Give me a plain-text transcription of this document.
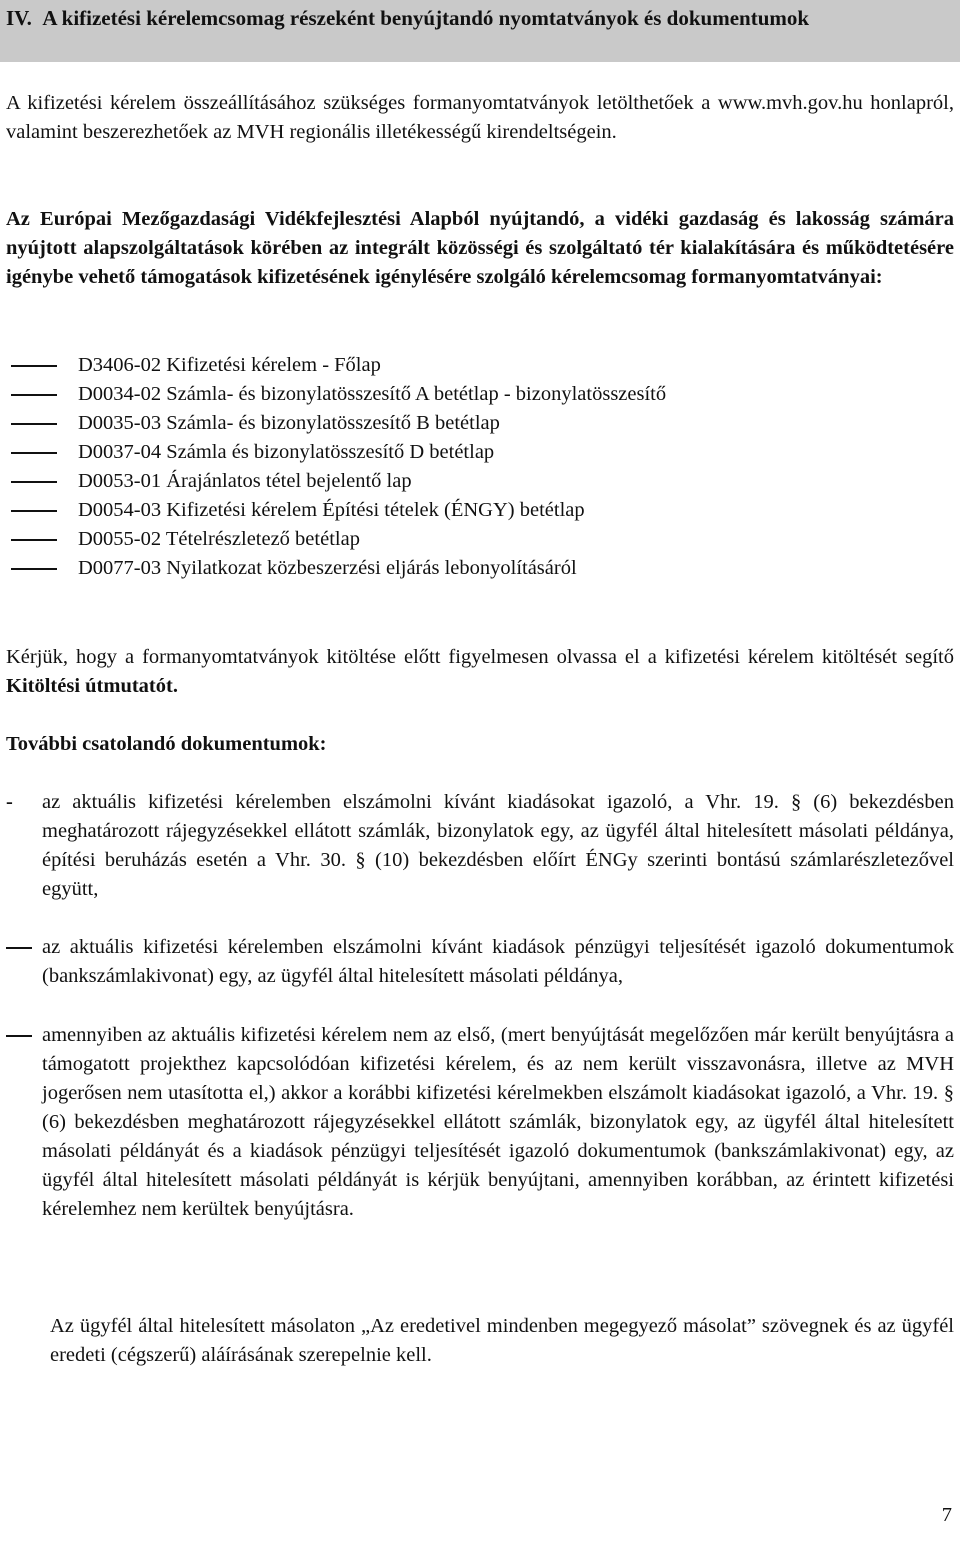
IV.  A kifizetési kérelemcsomag részeként benyújtandó nyomtatványok és dokumentumok

A kifizetési kérelem összeállításához szükséges formanyomtatványok letölthetőek a www.mvh.gov.hu honlapról, valamint beszerezhetőek az MVH regionális illetékességű kirendeltségein.

Az Európai Mezőgazdasági Vidékfejlesztési Alapból nyújtandó, a vidéki gazdaság és lakosság számára nyújtott alapszolgáltatások körében az integrált közösségi és szolgáltató tér kialakítására és működtetésére igénybe vehető támogatások kifizetésének igénylésére szolgáló kérelemcsomag formanyomtatványai:

D3406-02 Kifizetési kérelem - Főlap
D0034-02 Számla- és bizonylatösszesítő A betétlap - bizonylatösszesítő
D0035-03 Számla- és bizonylatösszesítő B betétlap
D0037-04 Számla és bizonylatösszesítő D betétlap
D0053-01 Árajánlatos tétel bejelentő lap
D0054-03 Kifizetési kérelem Építési tételek (ÉNGY) betétlap
D0055-02 Tételrészletező betétlap
D0077-03 Nyilatkozat közbeszerzési eljárás lebonyolításáról

Kérjük, hogy a formanyomtatványok kitöltése előtt figyelmesen olvassa el a kifizetési kérelem kitöltését segítő Kitöltési útmutatót.

További csatolandó dokumentumok:

- az aktuális kifizetési kérelemben elszámolni kívánt kiadásokat igazoló, a Vhr. 19. § (6) bekezdésben meghatározott rájegyzésekkel ellátott számlák, bizonylatok egy, az ügyfél által hitelesített másolati példánya, építési beruházás esetén a Vhr. 30. § (10) bekezdésben előírt ÉNGy szerinti bontású számlarészletezővel együtt,

az aktuális kifizetési kérelemben elszámolni kívánt kiadások pénzügyi teljesítését igazoló dokumentumok (bankszámlakivonat) egy, az ügyfél által hitelesített másolati példánya,

amennyiben az aktuális kifizetési kérelem nem az első, (mert benyújtását megelőzően már került benyújtásra a támogatott projekthez kapcsolódóan kifizetési kérelem, és az nem került visszavonásra, illetve az MVH jogerősen nem utasította el,) akkor a korábbi kifizetési kérelmekben elszámolt kiadásokat igazoló, a Vhr. 19. § (6) bekezdésben meghatározott rájegyzésekkel ellátott számlák, bizonylatok egy, az ügyfél által hitelesített másolati példányát és a kiadások pénzügyi teljesítését igazoló dokumentumok (bankszámlakivonat) egy, az ügyfél által hitelesített másolati példányát is kérjük benyújtani, amennyiben korábban, az érintett kifizetési kérelemhez nem kerültek benyújtásra.

Az ügyfél által hitelesített másolaton „Az eredetivel mindenben megegyező másolat” szövegnek és az ügyfél eredeti (cégszerű) aláírásának szerepelnie kell.

7
